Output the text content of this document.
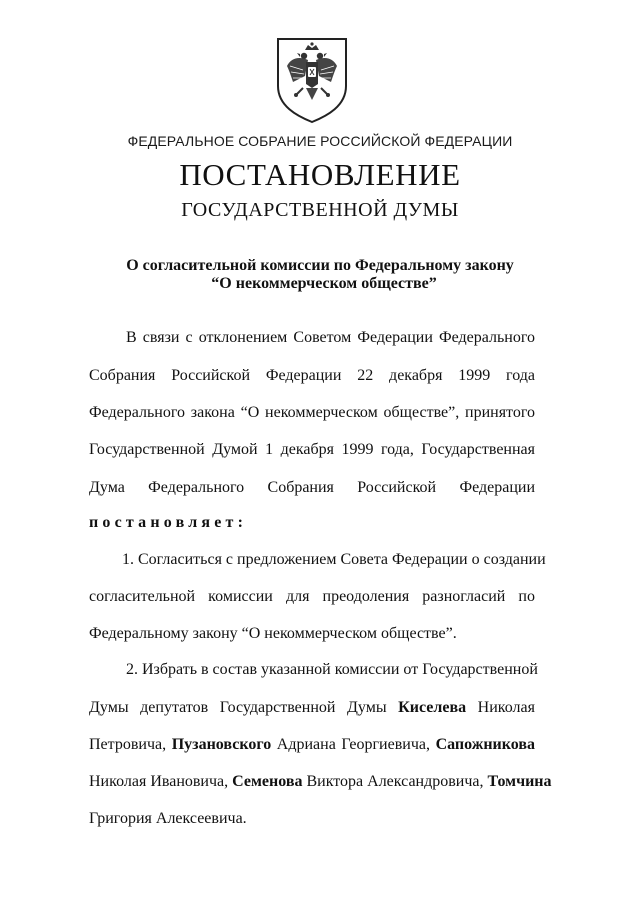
ФЕДЕРАЛЬНОЕ СОБРАНИЕ РОССИЙСКОЙ ФЕДЕРАЦИИ
ПОСТАНОВЛЕНИЕ
ГОСУДАРСТВЕННОЙ ДУМЫ
О согласительной комиссии по Федеральному закону
“О некоммерческом обществе”
В связи с отклонением Советом Федерации Федерального
Собрания Российской Федерации 22 декабря 1999 года
Федерального закона “О некоммерческом обществе”, принятого
Государственной Думой 1 декабря 1999 года, Государственная
Дума Федерального Собрания Российской Федерации
постановляет:
1. Согласиться с предложением Совета Федерации о создании
согласительной комиссии для преодоления разногласий по
Федеральному закону “О некоммерческом обществе”.
2. Избрать в состав указанной комиссии от Государственной
Думы депутатов Государственной Думы Киселева Николая
Петровича, Пузановского Адриана Георгиевича, Сапожникова
Николая Ивановича, Семенова Виктора Александровича, Томчина
Григория Алексеевича.
